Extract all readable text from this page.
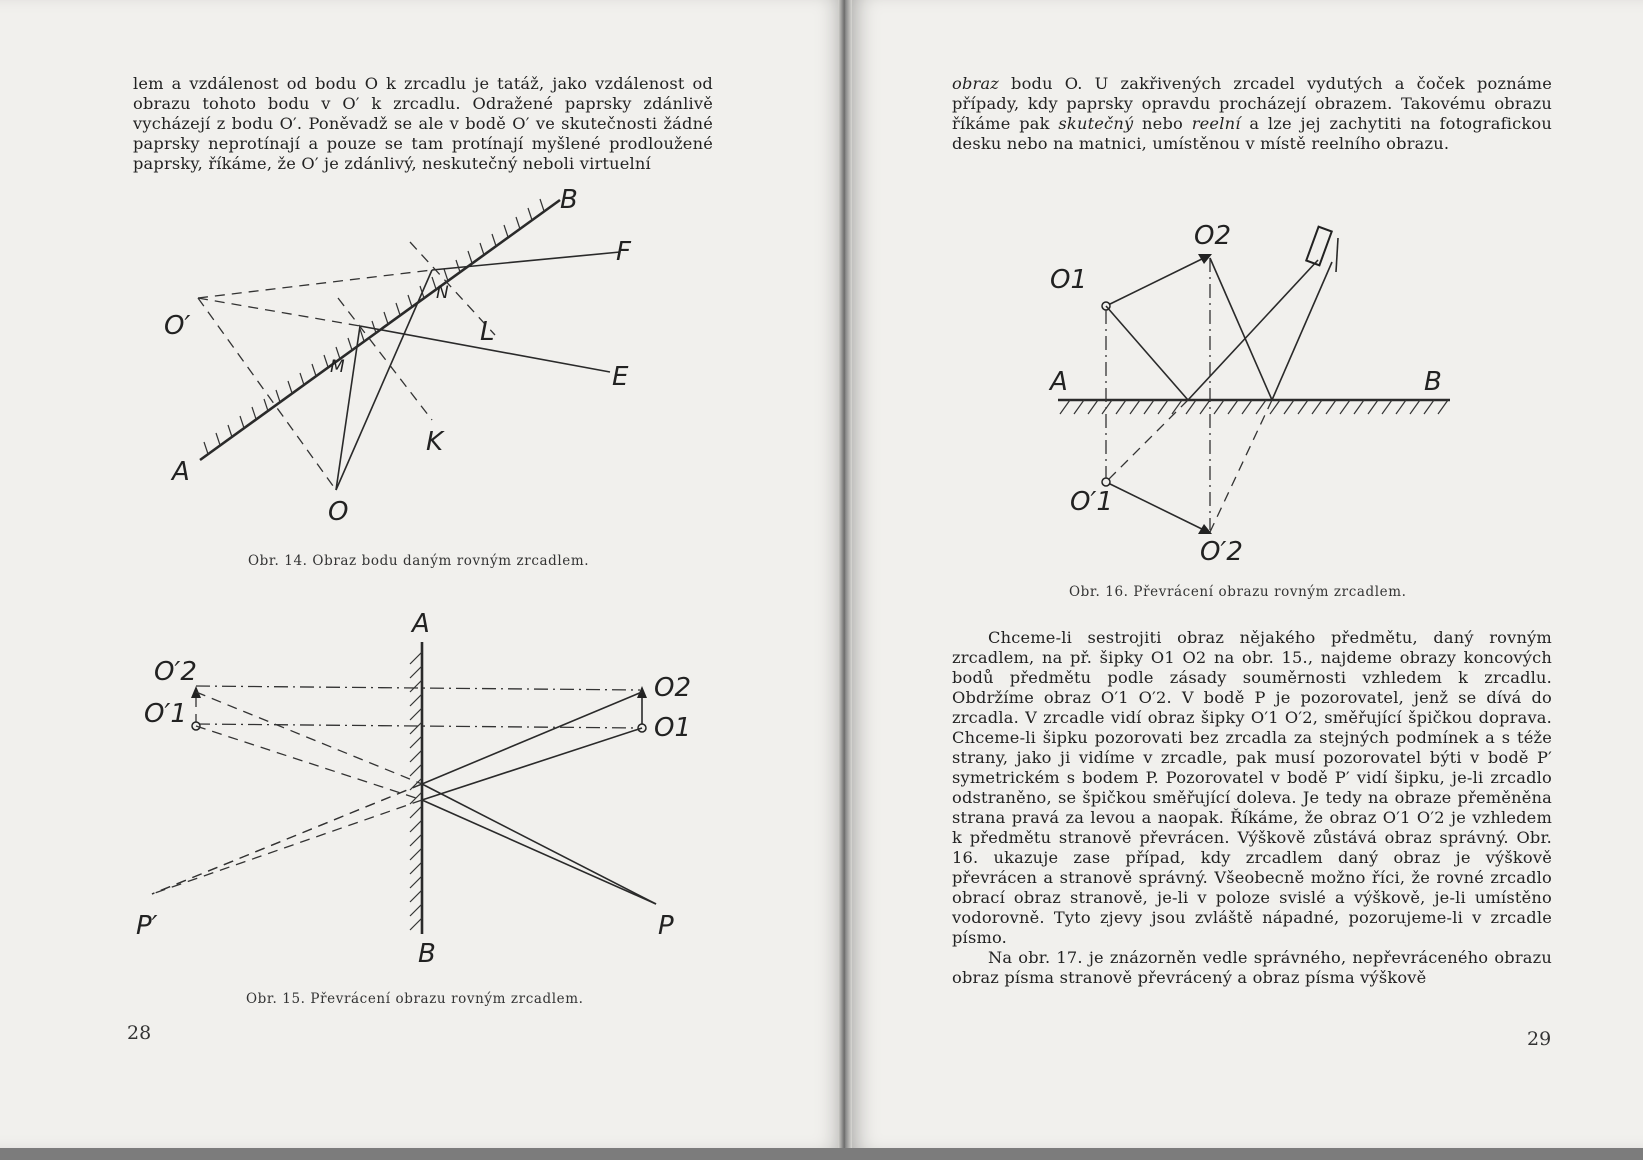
lem a vzdálenost od bodu O k zrcadlu je tatáž, jako vzdálenost od obrazu tohoto bodu v O′ k zrcadlu. Odražené paprsky zdánlivě vycházejí z bodu O′. Poněvadž se ale v bodě O′ ve skutečnosti žádné paprsky neprotínají a pouze se tam protínají myšlené prodloužené paprsky, říkáme, že O′ je zdánlivý, neskutečný neboli virtuelní

B
F
O′
N
L
M	E
A
K
O
Obr. 14. Obraz bodu daným rovným zrcadlem.
A
B
O′2
O′1
O2
O1
P′	P
Obr. 15. Převrácení obrazu rovným zrcadlem.
28

obraz bodu O. U zakřivených zrcadel vydutých a čoček poznáme případy, kdy paprsky opravdu procházejí obrazem. Takovému obrazu říkáme pak skutečný nebo reelní a lze jej zachytiti na fotografickou desku nebo na matnici, umístěnou v místě reelního obrazu.

O2
O1
A	B
O′1
O′2
Obr. 16. Převrácení obrazu rovným zrcadlem.

Chceme-li sestrojiti obraz nějakého předmětu, daný rovným zrcadlem, na př. šipky O1 O2 na obr. 15., najdeme obrazy koncových bodů předmětu podle zásady souměrnosti vzhledem k zrcadlu. Obdržíme obraz O′1 O′2. V bodě P je pozorovatel, jenž se dívá do zrcadla. V zrcadle vidí obraz šipky O′1 O′2, směřující špičkou doprava. Chceme-li šipku pozorovati bez zrcadla za stejných podmínek a s téže strany, jako ji vidíme v zrcadle, pak musí pozorovatel býti v bodě P′ symetrickém s bodem P. Pozorovatel v bodě P′ vidí šipku, je-li zrcadlo odstraněno, se špičkou směřující doleva. Je tedy na obraze přeměněna strana pravá za levou a naopak. Říkáme, že obraz O′1 O′2 je vzhledem k předmětu stranově převrácen. Výškově zůstává obraz správný. Obr. 16. ukazuje zase případ, kdy zrcadlem daný obraz je výškově převrácen a stranově správný. Všeobecně možno říci, že rovné zrcadlo obrací obraz stranově, je-li v poloze svislé a výškově, je-li umístěno vodorovně. Tyto zjevy jsou zvláště nápadné, pozorujeme-li v zrcadle písmo.

Na obr. 17. je znázorněn vedle správného, nepřevráceného obrazu obraz písma stranově převrácený a obraz písma výškově

29
